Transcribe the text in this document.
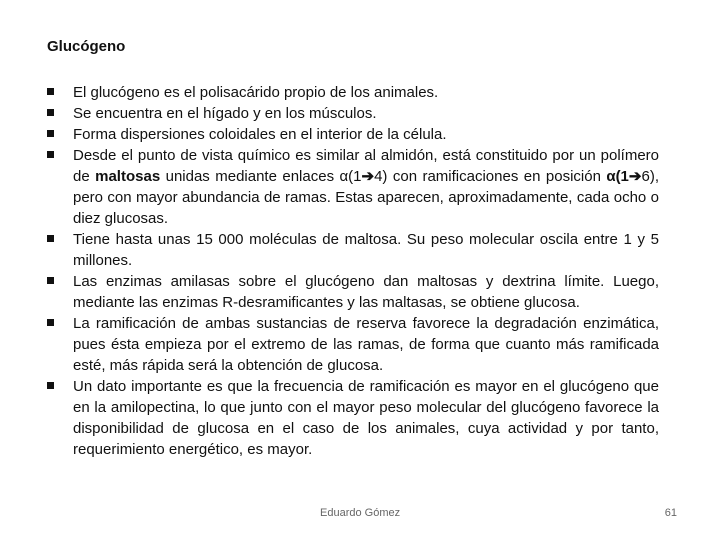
Glucógeno
El glucógeno es el polisacárido propio de los animales.
Se encuentra en el hígado y en los músculos.
Forma dispersiones coloidales en el interior de la célula.
Desde el punto de vista químico es similar al almidón, está constituido por un polímero de maltosas unidas mediante enlaces α(1➔4) con ramificaciones en posición α(1➔6), pero con mayor abundancia de ramas. Estas aparecen, aproximadamente, cada ocho o diez glucosas.
Tiene hasta unas 15 000 moléculas de maltosa. Su peso molecular oscila entre 1 y 5 millones.
Las enzimas amilasas sobre el glucógeno dan maltosas y dextrina límite. Luego, mediante las enzimas R-desramificantes y las maltasas, se obtiene glucosa.
La ramificación de ambas sustancias de reserva favorece la degradación enzimática, pues ésta empieza por el extremo de las ramas, de forma que cuanto más ramificada esté, más rápida será la obtención de glucosa.
Un dato importante es que la frecuencia de ramificación es mayor en el glucógeno que en la amilopectina, lo que junto con el mayor peso molecular del glucógeno favorece la disponibilidad de glucosa en el caso de los animales, cuya actividad y por tanto, requerimiento energético, es mayor.
Eduardo Gómez	61
